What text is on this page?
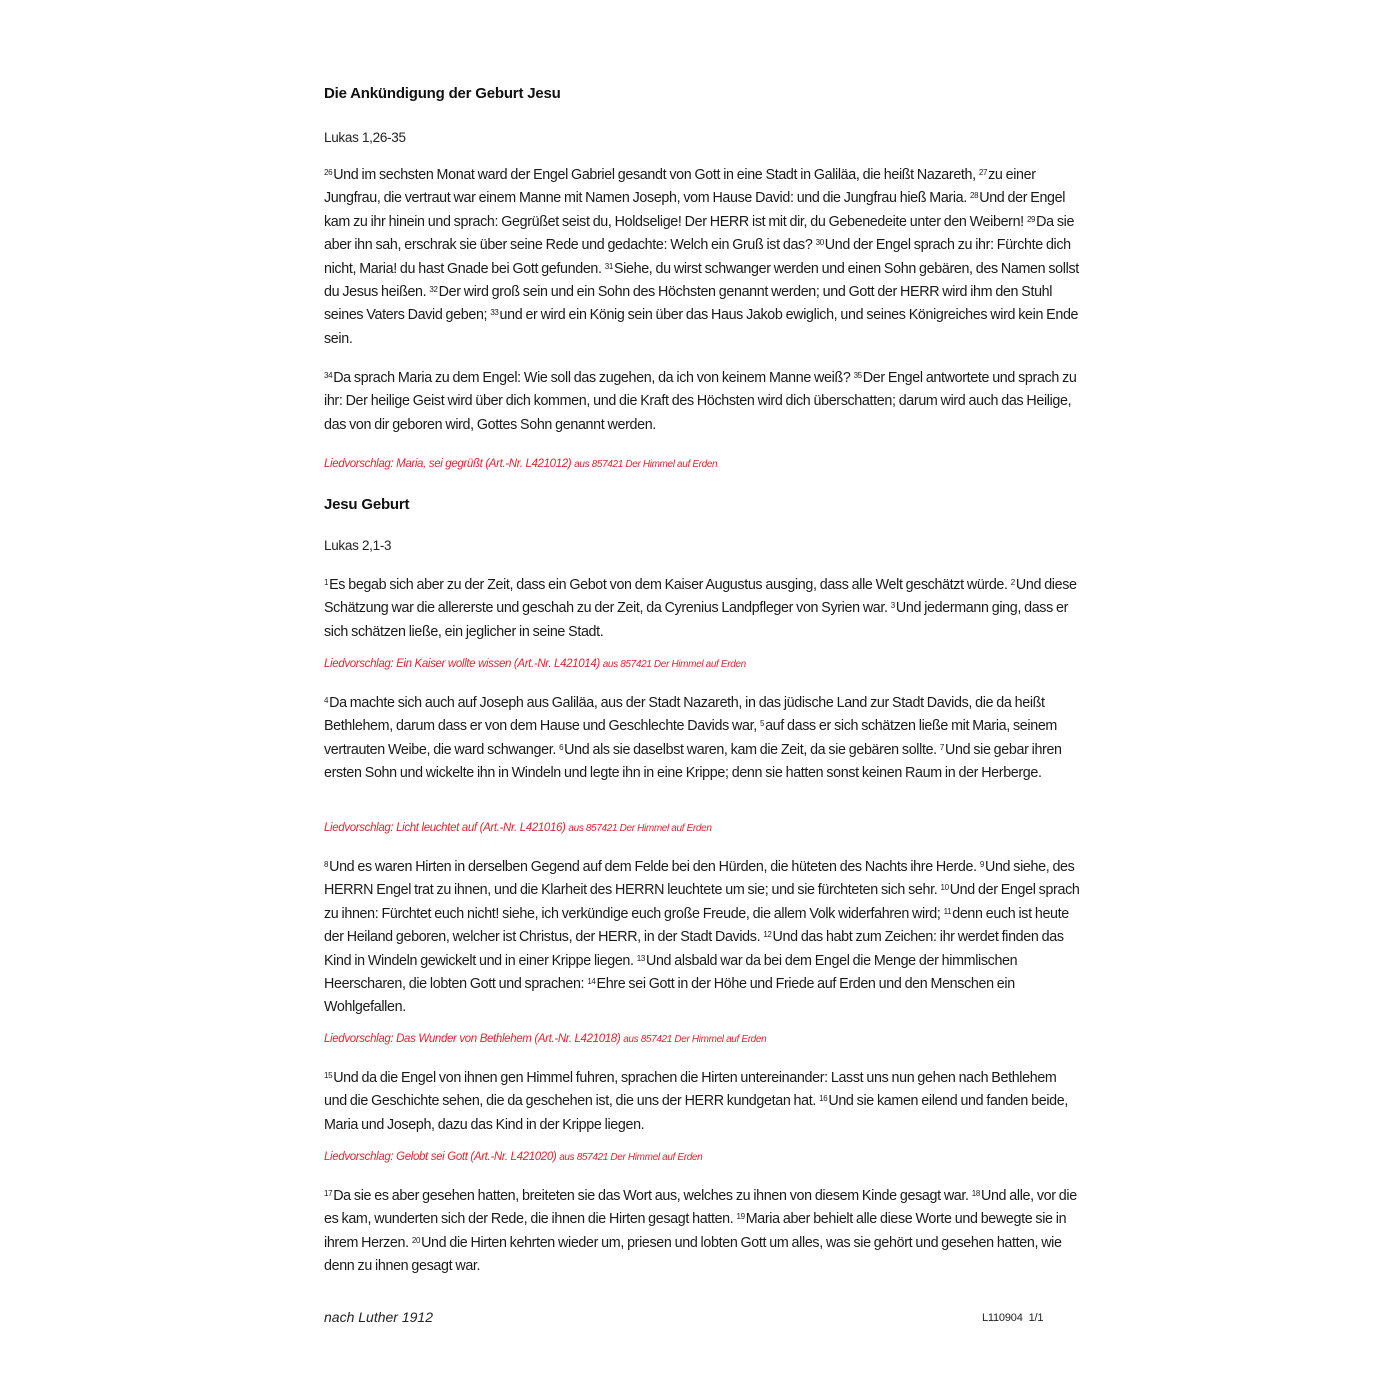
Die Ankündigung der Geburt Jesu
Lukas 1,26-35
$^{26}$Und im sechsten Monat ward der Engel Gabriel gesandt von Gott in eine Stadt in Galiläa, die heißt Nazareth, $^{27}$zu einer Jungfrau, die vertraut war einem Manne mit Namen Joseph, vom Hause David: und die Jungfrau hieß Maria. $^{28}$Und der Engel kam zu ihr hinein und sprach: Gegrüßet seist du, Holdselige! Der HERR ist mit dir, du Gebenedeite unter den Weibern! $^{29}$Da sie aber ihn sah, erschrak sie über seine Rede und gedachte: Welch ein Gruß ist das? $^{30}$Und der Engel sprach zu ihr: Fürchte dich nicht, Maria! du hast Gnade bei Gott gefunden. $^{31}$Siehe, du wirst schwanger werden und einen Sohn gebären, des Namen sollst du Jesus heißen. $^{32}$Der wird groß sein und ein Sohn des Höchsten genannt werden; und Gott der HERR wird ihm den Stuhl seines Vaters David geben; $^{33}$und er wird ein König sein über das Haus Jakob ewiglich, und seines Königreiches wird kein Ende sein.
$^{34}$Da sprach Maria zu dem Engel: Wie soll das zugehen, da ich von keinem Manne weiß? $^{35}$Der Engel antwortete und sprach zu ihr: Der heilige Geist wird über dich kommen, und die Kraft des Höchsten wird dich überschatten; darum wird auch das Heilige, das von dir geboren wird, Gottes Sohn genannt werden.
Liedvorschlag: Maria, sei gegrüßt (Art.-Nr. L421012) aus 857421 Der Himmel auf Erden
Jesu Geburt
Lukas 2,1-3
$^1$Es begab sich aber zu der Zeit, dass ein Gebot von dem Kaiser Augustus ausging, dass alle Welt geschätzt würde. $^2$Und diese Schätzung war die allererste und geschah zu der Zeit, da Cyrenius Landpfleger von Syrien war. $^3$Und jedermann ging, dass er sich schätzen ließe, ein jeglicher in seine Stadt.
Liedvorschlag: Ein Kaiser wollte wissen (Art.-Nr. L421014) aus 857421 Der Himmel auf Erden
$^4$Da machte sich auch auf Joseph aus Galiläa, aus der Stadt Nazareth, in das jüdische Land zur Stadt Davids, die da heißt Bethlehem, darum dass er von dem Hause und Geschlechte Davids war, $^5$auf dass er sich schätzen ließe mit Maria, seinem vertrauten Weibe, die ward schwanger. $^6$Und als sie daselbst waren, kam die Zeit, da sie gebären sollte. $^7$Und sie gebar ihren ersten Sohn und wickelte ihn in Windeln und legte ihn in eine Krippe; denn sie hatten sonst keinen Raum in der Herberge.
Liedvorschlag: Licht leuchtet auf (Art.-Nr. L421016) aus 857421 Der Himmel auf Erden
$^8$Und es waren Hirten in derselben Gegend auf dem Felde bei den Hürden, die hüteten des Nachts ihre Herde. $^9$Und siehe, des HERRN Engel trat zu ihnen, und die Klarheit des HERRN leuchtete um sie; und sie fürchteten sich sehr. $^{10}$Und der Engel sprach zu ihnen: Fürchtet euch nicht! siehe, ich verkündige euch große Freude, die allem Volk widerfahren wird; $^{11}$denn euch ist heute der Heiland geboren, welcher ist Christus, der HERR, in der Stadt Davids. $^{12}$Und das habt zum Zeichen: ihr werdet finden das Kind in Windeln gewickelt und in einer Krippe liegen. $^{13}$Und alsbald war da bei dem Engel die Menge der himmlischen Heerscharen, die lobten Gott und sprachen: $^{14}$Ehre sei Gott in der Höhe und Friede auf Erden und den Menschen ein Wohlgefallen.
Liedvorschlag: Das Wunder von Bethlehem (Art.-Nr. L421018) aus 857421 Der Himmel auf Erden
$^{15}$Und da die Engel von ihnen gen Himmel fuhren, sprachen die Hirten untereinander: Lasst uns nun gehen nach Bethlehem und die Geschichte sehen, die da geschehen ist, die uns der HERR kundgetan hat. $^{16}$Und sie kamen eilend und fanden beide, Maria und Joseph, dazu das Kind in der Krippe liegen.
Liedvorschlag: Gelobt sei Gott (Art.-Nr. L421020) aus 857421 Der Himmel auf Erden
$^{17}$Da sie es aber gesehen hatten, breiteten sie das Wort aus, welches zu ihnen von diesem Kinde gesagt war. $^{18}$Und alle, vor die es kam, wunderten sich der Rede, die ihnen die Hirten gesagt hatten. $^{19}$Maria aber behielt alle diese Worte und bewegte sie in ihrem Herzen. $^{20}$Und die Hirten kehrten wieder um, priesen und lobten Gott um alles, was sie gehört und gesehen hatten, wie denn zu ihnen gesagt war.
nach Luther 1912	L110904 1/1
